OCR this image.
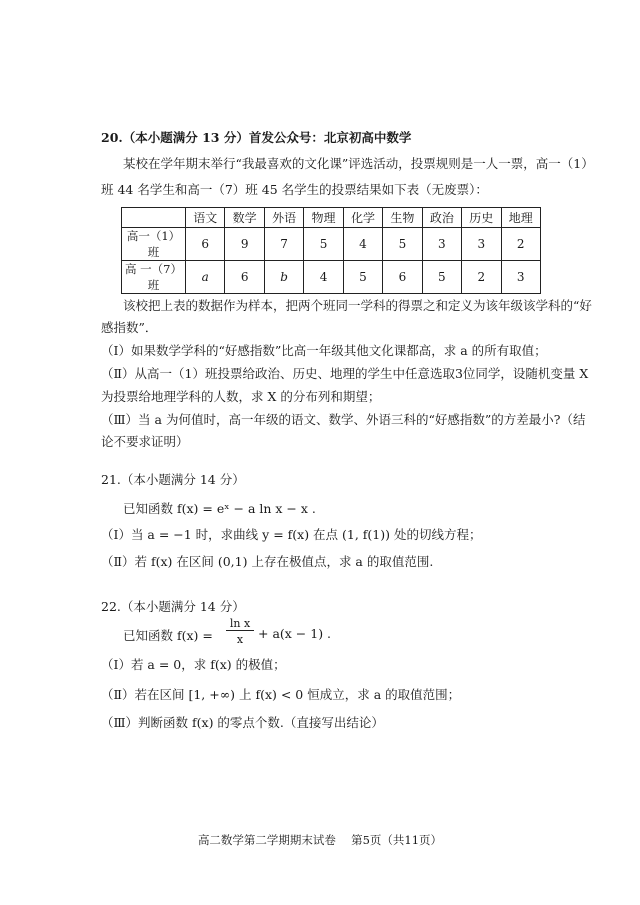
20.（本小题满分 13 分）首发公众号：北京初高中数学
某校在学年期末举行“我最喜欢的文化课”评选活动，投票规则是一人一票，高一（1）
班 44 名学生和高一（7）班 45 名学生的投票结果如下表（无废票）：
	语文	数学	外语	物理	化学	生物	政治	历史	地理
高一（1）班	6	9	7	5	4	5	3	3	2
高 一（7）班	a	6	b	4	5	6	5	2	3
该校把上表的数据作为样本，把两个班同一学科的得票之和定义为该年级该学科的“好
感指数”．
（Ⅰ）如果数学学科的“好感指数”比高一年级其他文化课都高，求 a 的所有取值；
（Ⅱ）从高一（1）班投票给政治、历史、地理的学生中任意选取3位同学，设随机变量 X
为投票给地理学科的人数，求 X 的分布列和期望；
（Ⅲ）当 a 为何值时，高一年级的语文、数学、外语三科的“好感指数”的方差最小?（结
论不要求证明）
21.（本小题满分 14 分）
已知函数 f(x) = eˣ − a ln x − x .
（Ⅰ）当 a = −1 时，求曲线 y = f(x) 在点 (1, f(1)) 处的切线方程；
（Ⅱ）若 f(x) 在区间 (0,1) 上存在极值点，求 a 的取值范围.
22.（本小题满分 14 分）
已知函数 f(x) =
ln x
x	+ a(x − 1) .
（Ⅰ）若 a = 0，求 f(x) 的极值；
（Ⅱ）若在区间 [1, +∞) 上 f(x) < 0 恒成立，求 a 的取值范围；
（Ⅲ）判断函数 f(x) 的零点个数.（直接写出结论）
高二数学第二学期期末试卷　 第5页（共11页）
